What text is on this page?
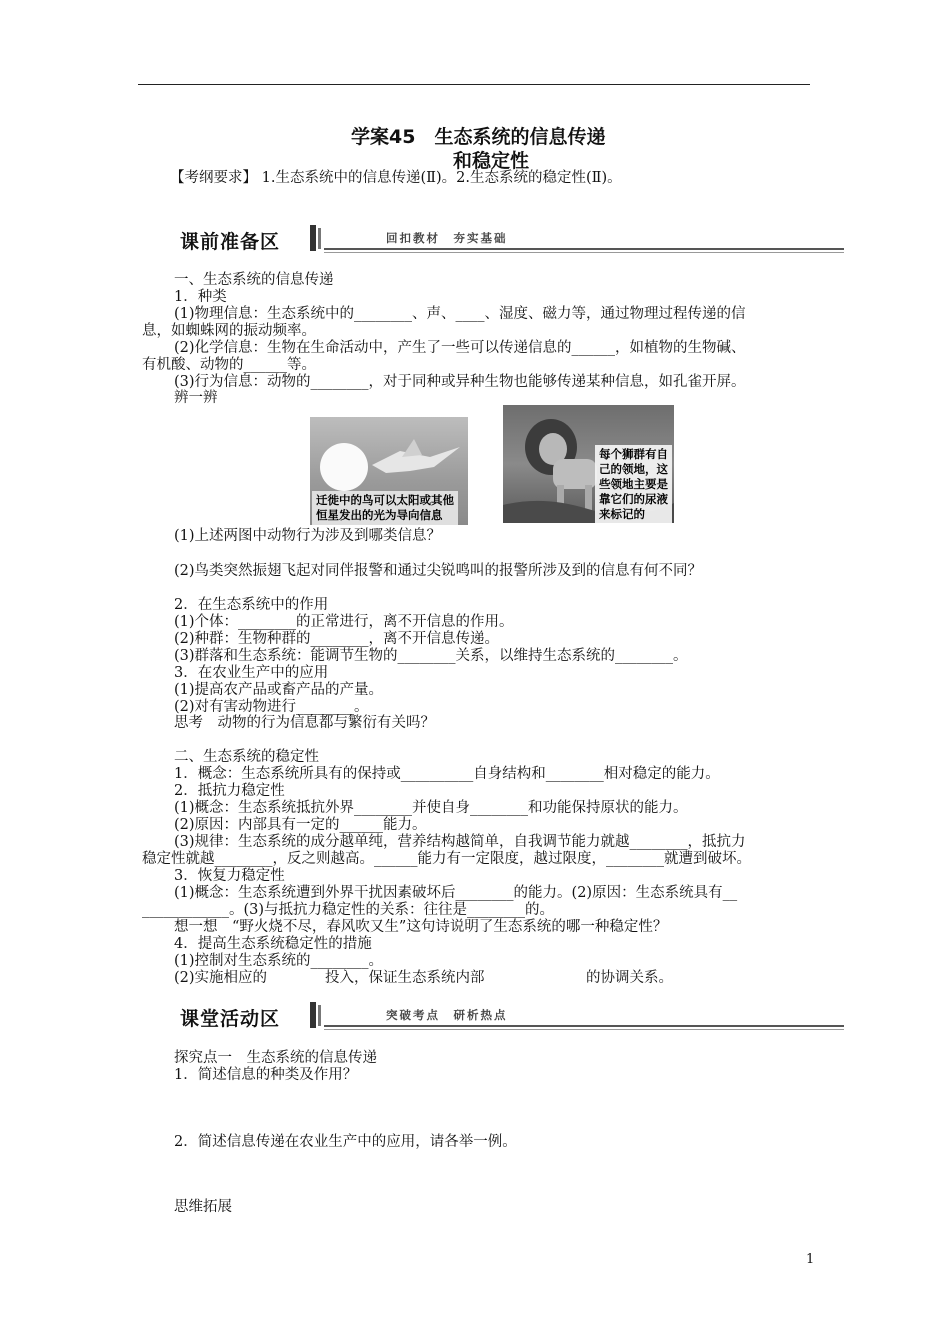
学案45　生态系统的信息传递
和稳定性
【考纲要求】 1.生态系统中的信息传递(Ⅱ)。2.生态系统的稳定性(Ⅱ)。
课前准备区	回扣教材　夯实基础
一、生态系统的信息传递
1．种类
(1)物理信息：生态系统中的________、声、____、湿度、磁力等，通过物理过程传递的信
息，如蜘蛛网的振动频率。
(2)化学信息：生物在生命活动中，产生了一些可以传递信息的______，如植物的生物碱、
有机酸、动物的______等。
(3)行为信息：动物的________，对于同种或异种生物也能够传递某种信息，如孔雀开屏。
辨一辨
迁徙中的鸟可以太阳或其他
恒星发出的光为导向信息
每个狮群有自
己的领地，这
些领地主要是
靠它们的尿液
来标记的
(1)上述两图中动物行为涉及到哪类信息？
(2)鸟类突然振翅飞起对同伴报警和通过尖锐鸣叫的报警所涉及到的信息有何不同？
2．在生态系统中的作用
(1)个体：________的正常进行，离不开信息的作用。
(2)种群：生物种群的________，离不开信息传递。
(3)群落和生态系统：能调节生物的________关系，以维持生态系统的________。
3．在农业生产中的应用
(1)提高农产品或畜产品的产量。
(2)对有害动物进行________。
思考　动物的行为信息都与繁衍有关吗？
二、生态系统的稳定性
1．概念：生态系统所具有的保持或__________自身结构和________相对稳定的能力。
2．抵抗力稳定性
(1)概念：生态系统抵抗外界________并使自身________和功能保持原状的能力。
(2)原因：内部具有一定的______能力。
(3)规律：生态系统的成分越单纯，营养结构越简单，自我调节能力就越________，抵抗力
稳定性就越________，反之则越高。______能力有一定限度，越过限度，________就遭到破坏。
3．恢复力稳定性
(1)概念：生态系统遭到外界干扰因素破坏后________的能力。(2)原因：生态系统具有__
____________。(3)与抵抗力稳定性的关系：往往是________的。
想一想　“野火烧不尽，春风吹又生”这句诗说明了生态系统的哪一种稳定性？
4．提高生态系统稳定性的措施
(1)控制对生态系统的________。
(2)实施相应的　　　　投入，保证生态系统内部　　　　　　　的协调关系。
课堂活动区	突破考点　研析热点
探究点一　生态系统的信息传递
1．简述信息的种类及作用？
2．简述信息传递在农业生产中的应用，请各举一例。
思维拓展
1
